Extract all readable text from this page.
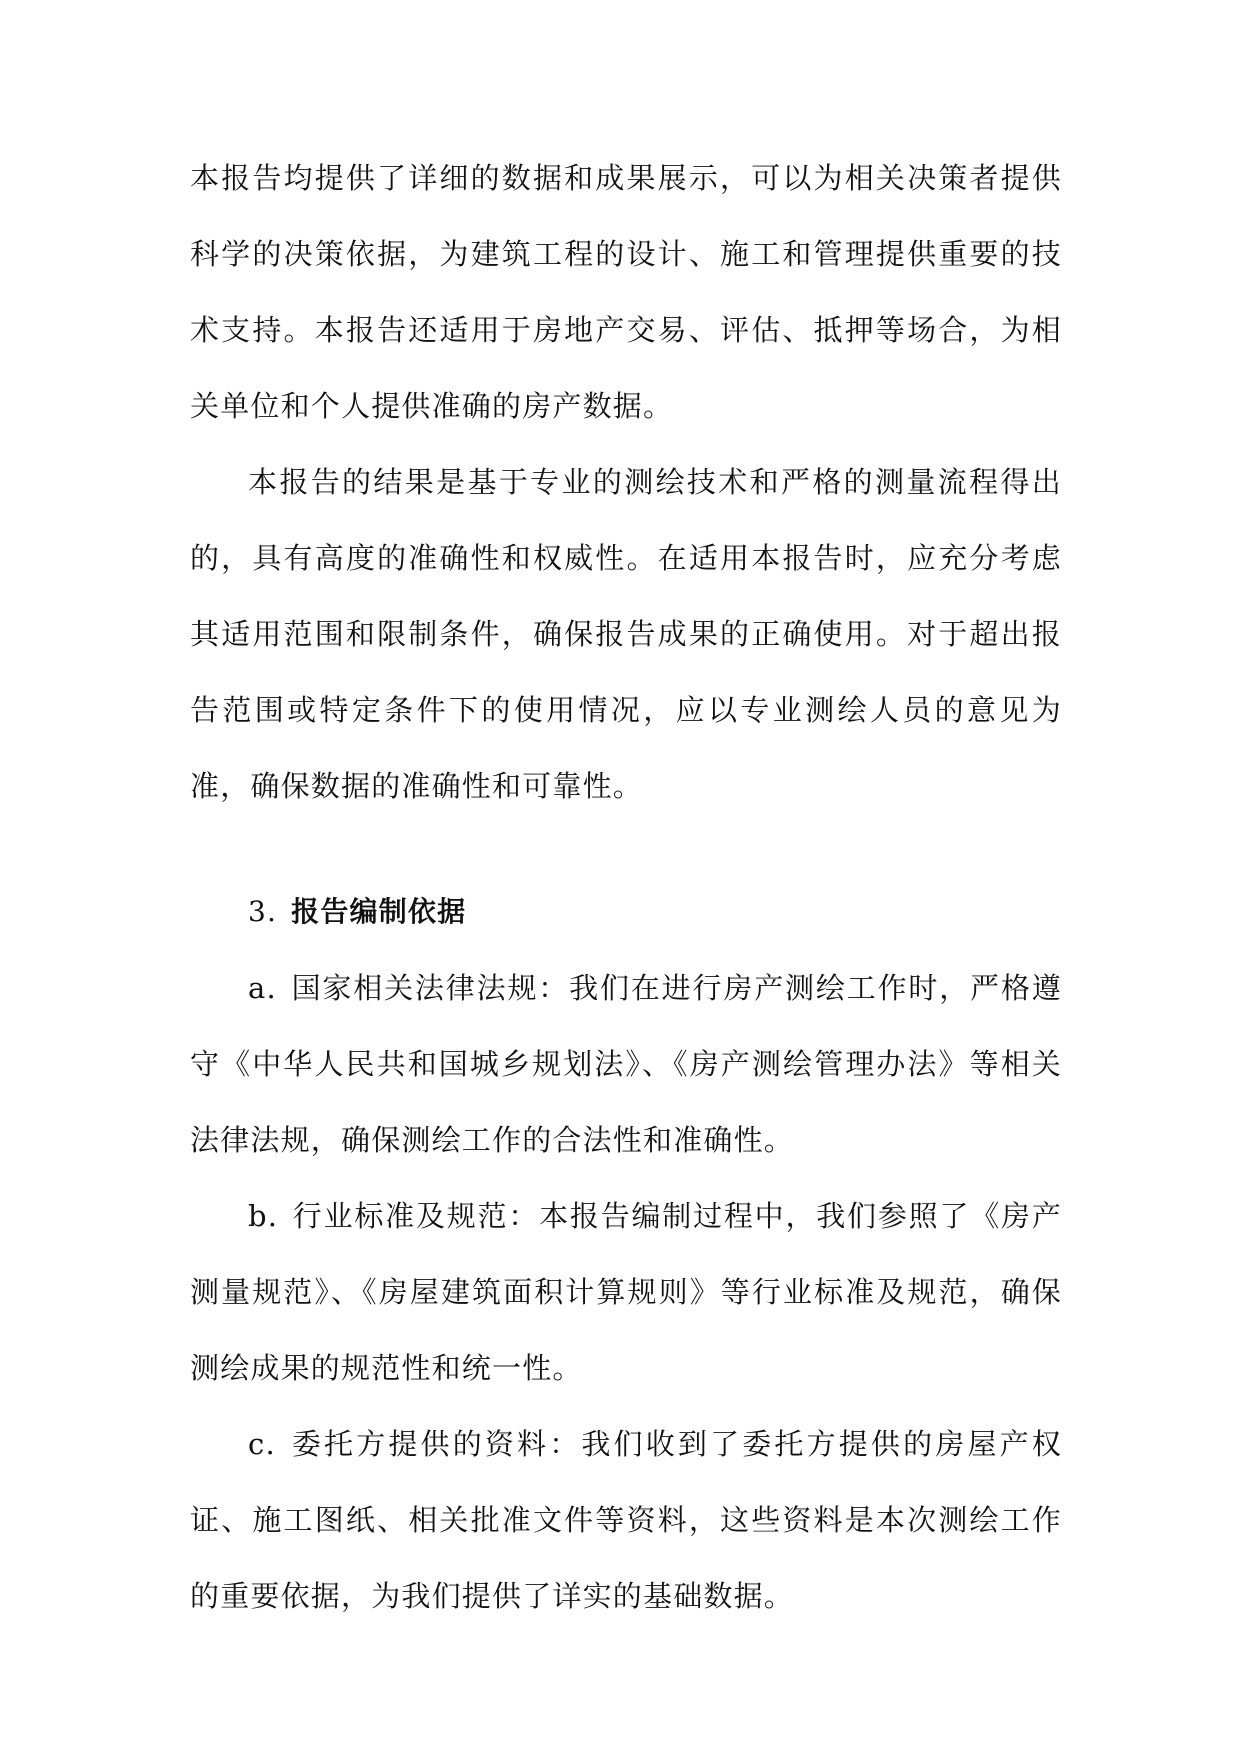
本报告均提供了详细的数据和成果展示，可以为相关决策者提供科学的决策依据，为建筑工程的设计、施工和管理提供重要的技术支持。本报告还适用于房地产交易、评估、抵押等场合，为相关单位和个人提供准确的房产数据。

本报告的结果是基于专业的测绘技术和严格的测量流程得出的，具有高度的准确性和权威性。在适用本报告时，应充分考虑其适用范围和限制条件，确保报告成果的正确使用。对于超出报告范围或特定条件下的使用情况，应以专业测绘人员的意见为准，确保数据的准确性和可靠性。

3. 报告编制依据

a. 国家相关法律法规：我们在进行房产测绘工作时，严格遵守《中华人民共和国城乡规划法》、《房产测绘管理办法》等相关法律法规，确保测绘工作的合法性和准确性。

b. 行业标准及规范：本报告编制过程中，我们参照了《房产测量规范》、《房屋建筑面积计算规则》等行业标准及规范，确保测绘成果的规范性和统一性。

c. 委托方提供的资料：我们收到了委托方提供的房屋产权证、施工图纸、相关批准文件等资料，这些资料是本次测绘工作的重要依据，为我们提供了详实的基础数据。
